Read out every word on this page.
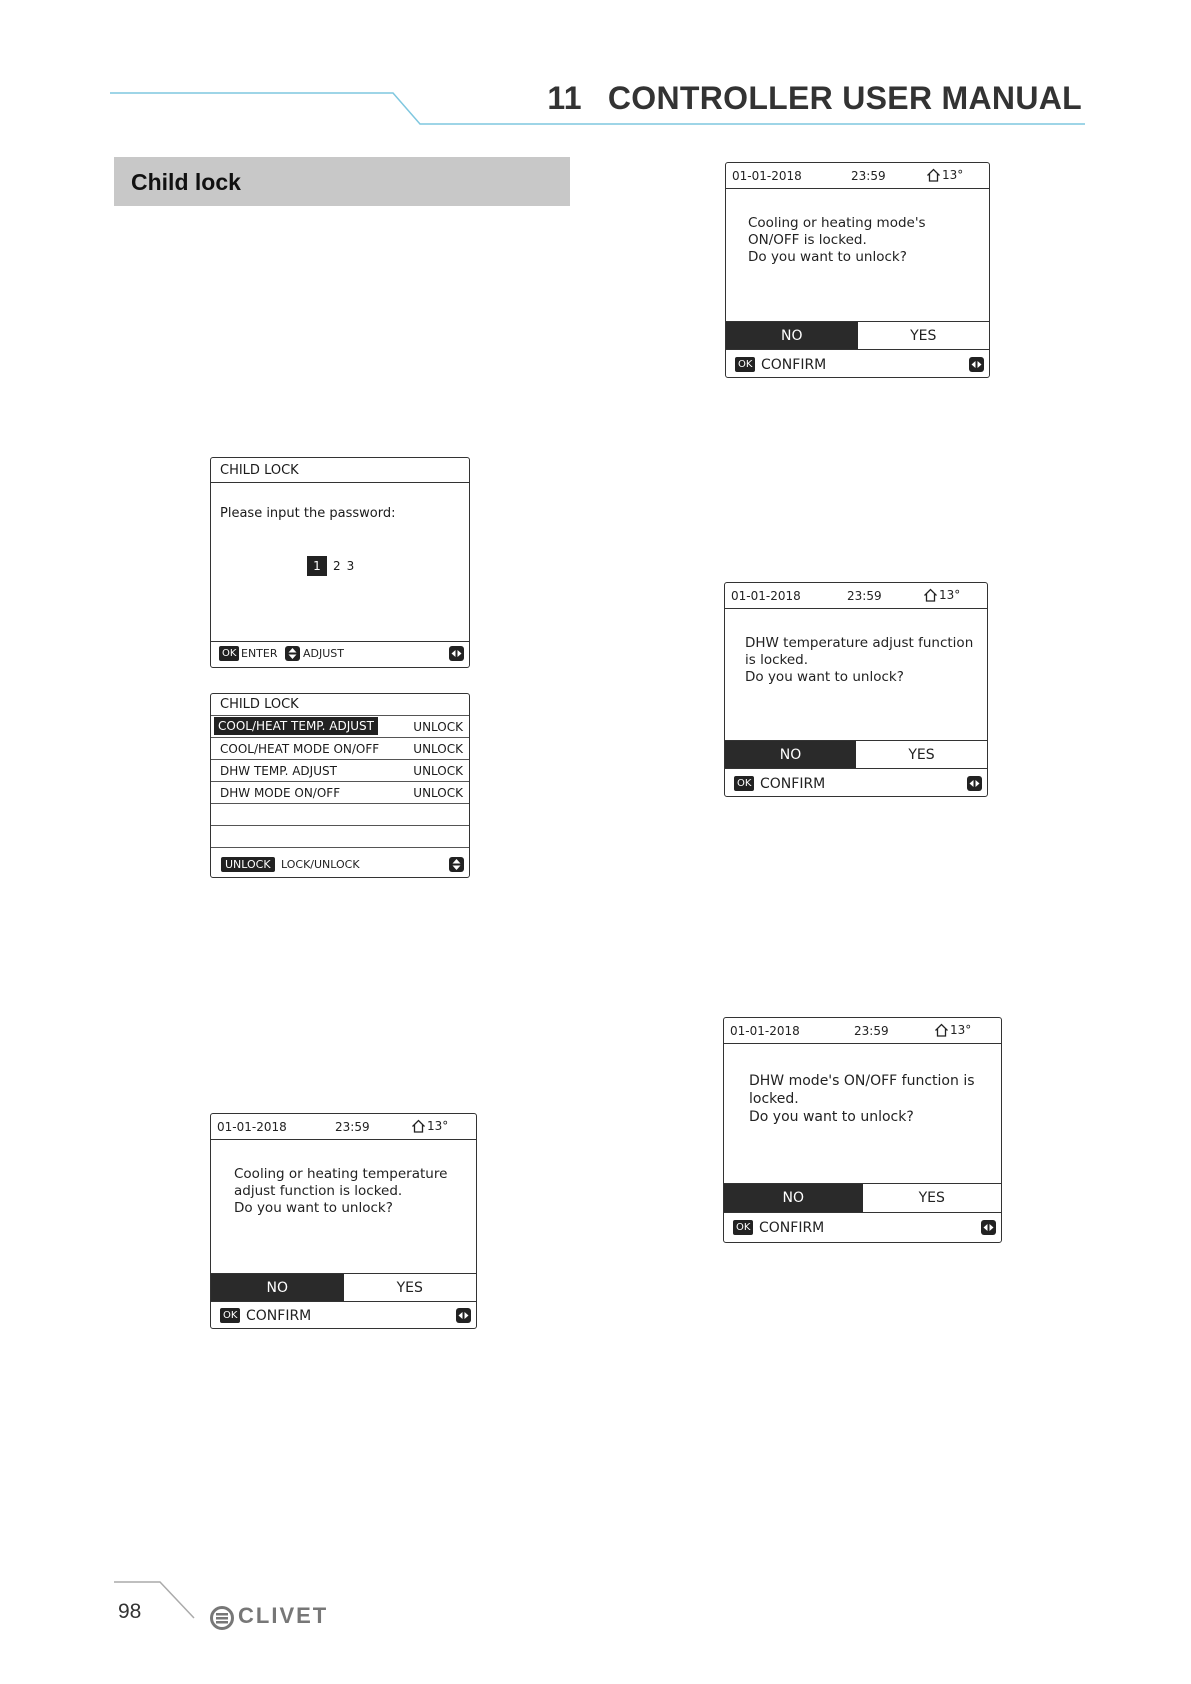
11 CONTROLLER USER MANUAL
Child lock
CHILD LOCK
Please input the password:
1	2 3
OK ENTER ADJUST
CHILD LOCK
COOL/HEAT TEMP. ADJUST	UNLOCK
COOL/HEAT MODE ON/OFF	UNLOCK
DHW TEMP. ADJUST	UNLOCK
DHW MODE ON/OFF	UNLOCK
UNLOCK LOCK/UNLOCK
01-01-2018	23:59	13°
Cooling or heating mode's
ON/OFF is locked.
Do you want to unlock?
NO	YES
OK CONFIRM
01-01-2018	23:59	13°
DHW temperature adjust function
is locked.
Do you want to unlock?
NO	YES
OK CONFIRM
01-01-2018	23:59	13°
DHW mode's ON/OFF function is
locked.
Do you want to unlock?
NO	YES
OK CONFIRM
01-01-2018	23:59	13°
Cooling or heating temperature
adjust function is locked.
Do you want to unlock?
NO	YES
OK CONFIRM
98	CLIVET
